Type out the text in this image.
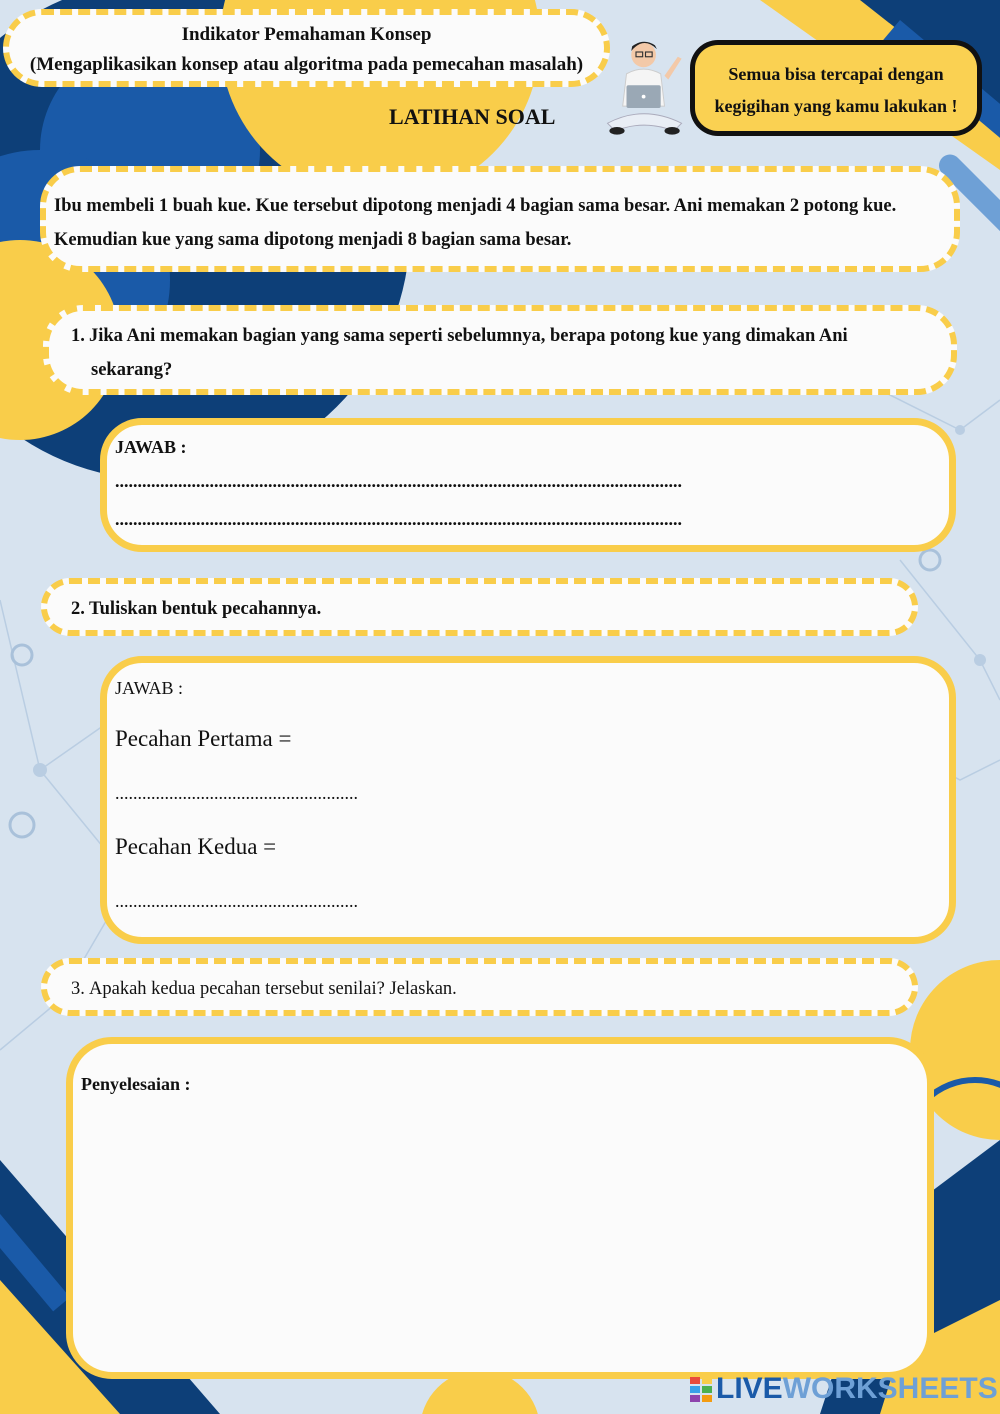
Indikator Pemahaman Konsep
(Mengaplikasikan konsep atau algoritma pada pemecahan masalah)
LATIHAN SOAL
Semua bisa tercapai dengan
kegigihan yang kamu lakukan !
Ibu membeli 1 buah kue. Kue tersebut dipotong menjadi 4 bagian sama besar. Ani memakan 2 potong kue.
Kemudian kue yang sama dipotong menjadi 8 bagian sama besar.
1. Jika Ani memakan bagian yang sama seperti sebelumnya, berapa potong kue yang dimakan Ani
sekarang?
JAWAB :
..............................................................................................................................
..............................................................................................................................
2. Tuliskan bentuk pecahannya.
JAWAB :
Pecahan Pertama =
......................................................
Pecahan Kedua =
......................................................
3. Apakah kedua pecahan tersebut senilai? Jelaskan.
Penyelesaian :
LIVEWORKSHEETS
